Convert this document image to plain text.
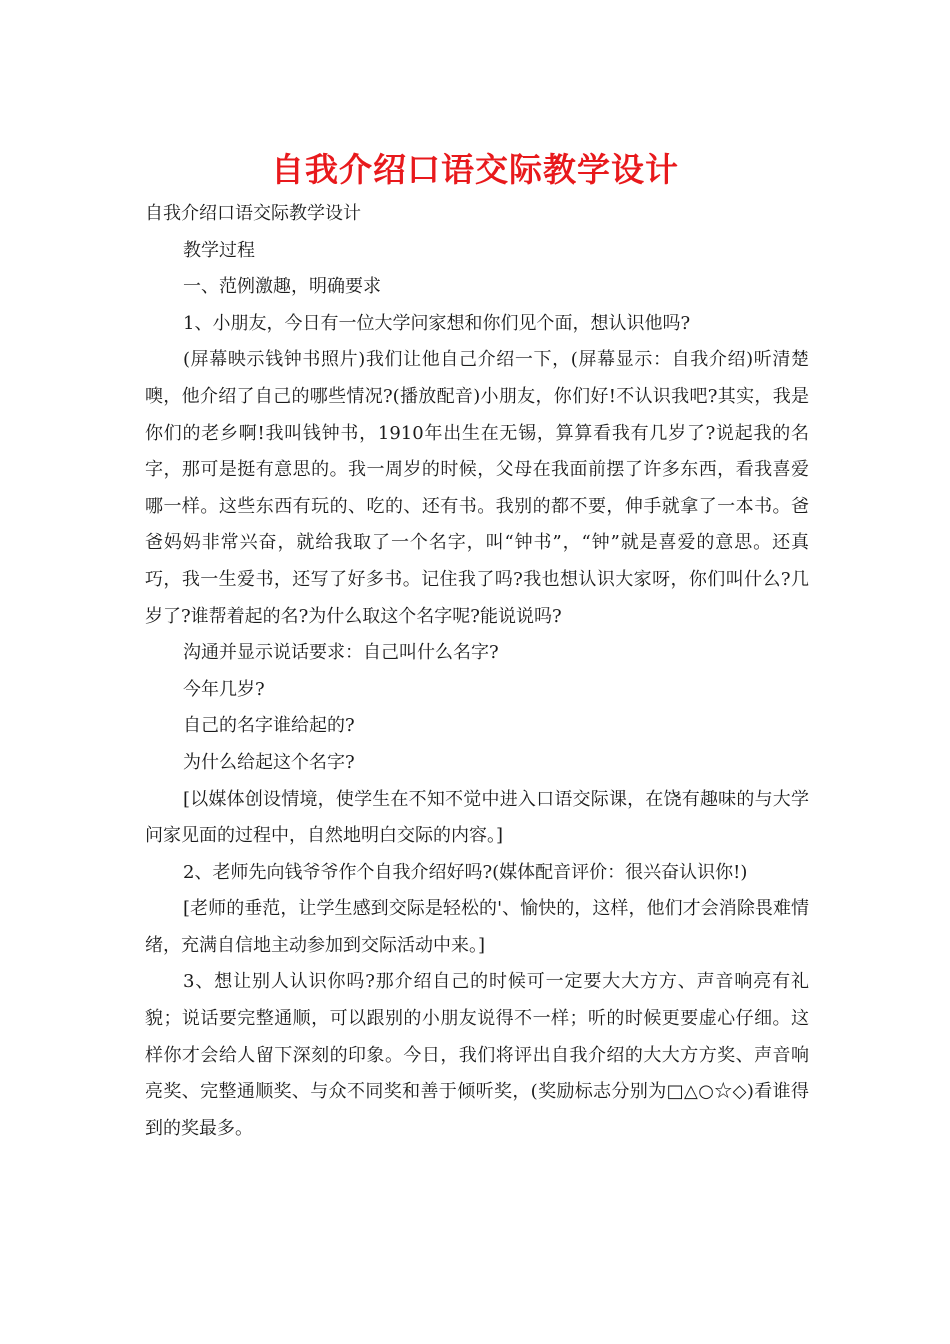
自我介绍口语交际教学设计

自我介绍口语交际教学设计

教学过程

一、范例激趣，明确要求

1、小朋友，今日有一位大学问家想和你们见个面，想认识他吗?

(屏幕映示钱钟书照片)我们让他自己介绍一下，(屏幕显示：自我介绍)听清楚噢，他介绍了自己的哪些情况?(播放配音)小朋友，你们好!不认识我吧?其实，我是你们的老乡啊!我叫钱钟书，1910年出生在无锡，算算看我有几岁了?说起我的名字，那可是挺有意思的。我一周岁的时候，父母在我面前摆了许多东西，看我喜爱哪一样。这些东西有玩的、吃的、还有书。我别的都不要，伸手就拿了一本书。爸爸妈妈非常兴奋，就给我取了一个名字，叫“钟书”，“钟”就是喜爱的意思。还真巧，我一生爱书，还写了好多书。记住我了吗?我也想认识大家呀，你们叫什么?几岁了?谁帮着起的名?为什么取这个名字呢?能说说吗?

沟通并显示说话要求：自己叫什么名字?

今年几岁?

自己的名字谁给起的?

为什么给起这个名字?

[以媒体创设情境，使学生在不知不觉中进入口语交际课，在饶有趣味的与大学问家见面的过程中，自然地明白交际的内容。]

2、老师先向钱爷爷作个自我介绍好吗?(媒体配音评价：很兴奋认识你!)

[老师的垂范，让学生感到交际是轻松的'、愉快的，这样，他们才会消除畏难情绪，充满自信地主动参加到交际活动中来。]

3、想让别人认识你吗?那介绍自己的时候可一定要大大方方、声音响亮有礼貌；说话要完整通顺，可以跟别的小朋友说得不一样；听的时候更要虚心仔细。这样你才会给人留下深刻的印象。今日，我们将评出自我介绍的大大方方奖、声音响亮奖、完整通顺奖、与众不同奖和善于倾听奖，(奖励标志分别为□△○☆◇)看谁得到的奖最多。
